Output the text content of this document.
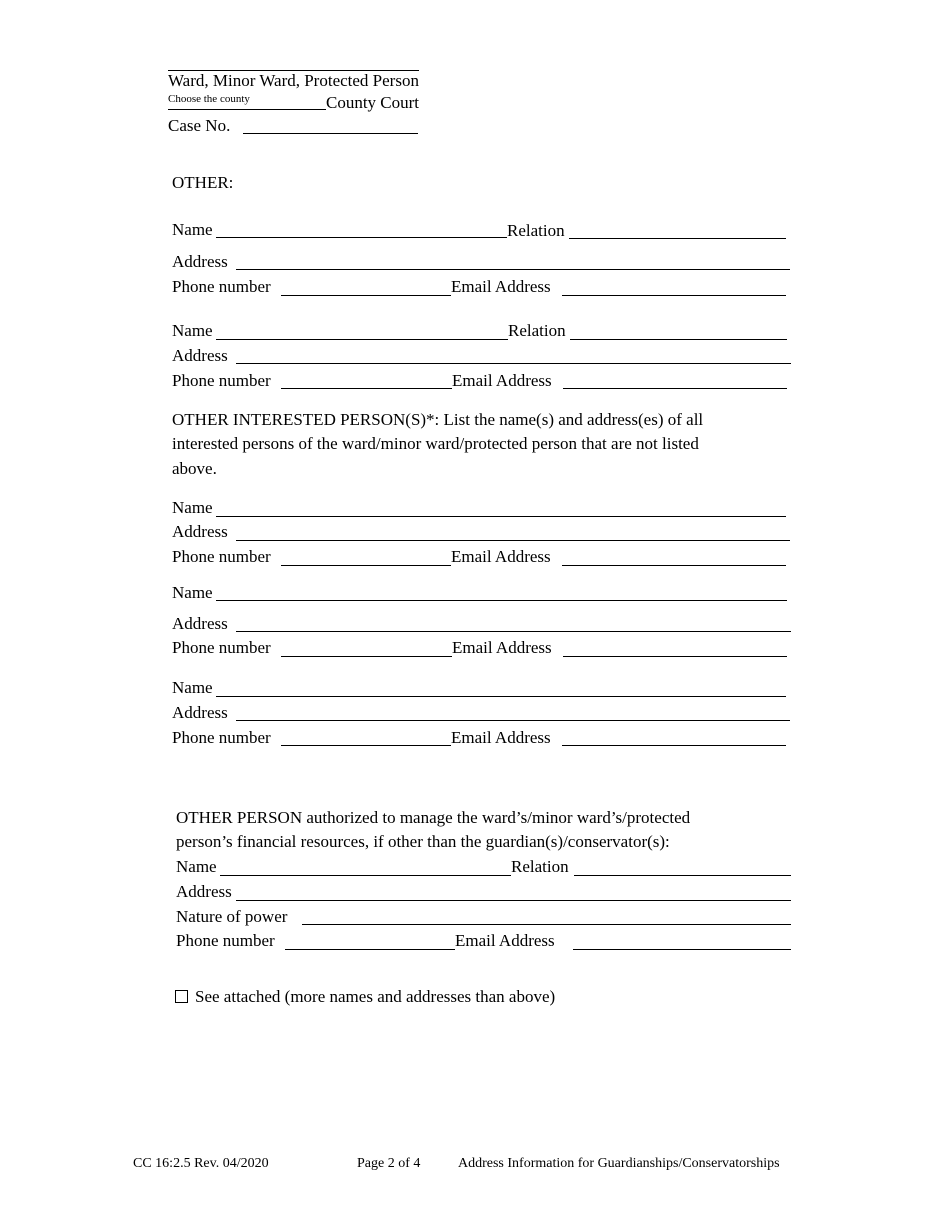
Ward, Minor Ward, Protected Person
Choose the county	County Court
Case No.
OTHER:
Name	Relation
Address
Phone number	Email Address
Name	Relation
Address
Phone number	Email Address
OTHER INTERESTED PERSON(S)*: List the name(s) and address(es) of all
interested persons of the ward/minor ward/protected person that are not listed
above.
Name
Address
Phone number	Email Address
Name
Address
Phone number	Email Address
Name
Address
Phone number	Email Address
OTHER PERSON authorized to manage the ward’s/minor ward’s/protected
person’s financial resources, if other than the guardian(s)/conservator(s):
Name	Relation
Address
Nature of power
Phone number	Email Address
See attached (more names and addresses than above)
CC 16:2.5 Rev. 04/2020	Page 2 of 4	Address Information for Guardianships/Conservatorships
